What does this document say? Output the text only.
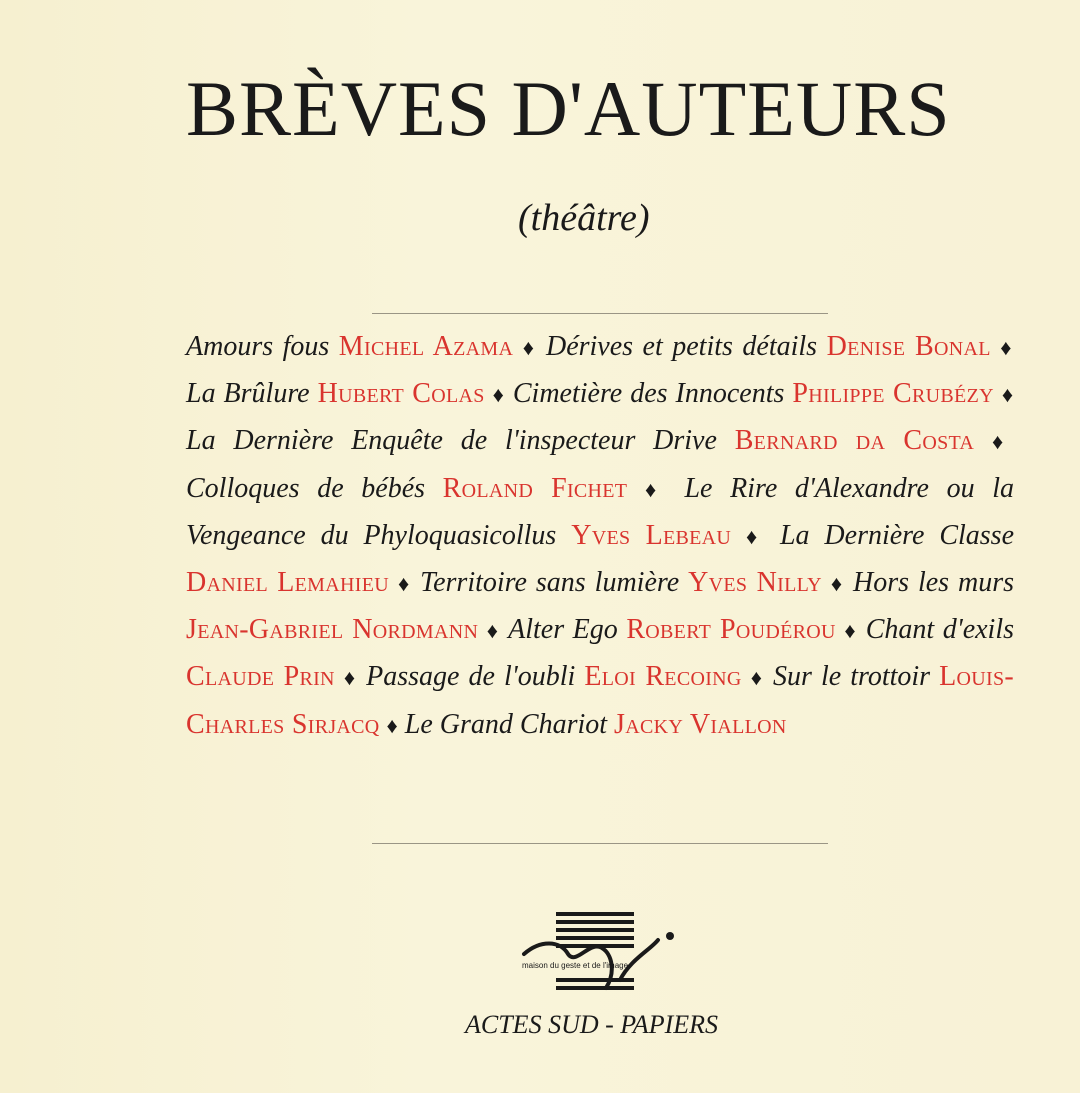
BRÈVES D'AUTEURS
(théâtre)
Amours fous Michel Azama ♦ Dérives et petits détails Denise Bonal ♦ La Brûlure Hubert Colas ♦ Cimetière des Innocents Philippe Crubézy ♦ La Dernière Enquête de l'inspecteur Drive Bernard da Costa ♦ Colloques de bébés Roland Fichet ♦ Le Rire d'Alexandre ou la Vengeance du Phyloquasicollus Yves Lebeau ♦ La Dernière Classe Daniel Lemahieu ♦ Territoire sans lumière Yves Nilly ♦ Hors les murs Jean-Gabriel Nordmann ♦ Alter Ego Robert Poudérou ♦ Chant d'exils Claude Prin ♦ Passage de l'oubli Eloi Recoing ♦ Sur le trottoir Louis-Charles Sirjacq ♦ Le Grand Chariot Jacky Viallon
maison du geste et de l'image
ACTES SUD - PAPIERS
